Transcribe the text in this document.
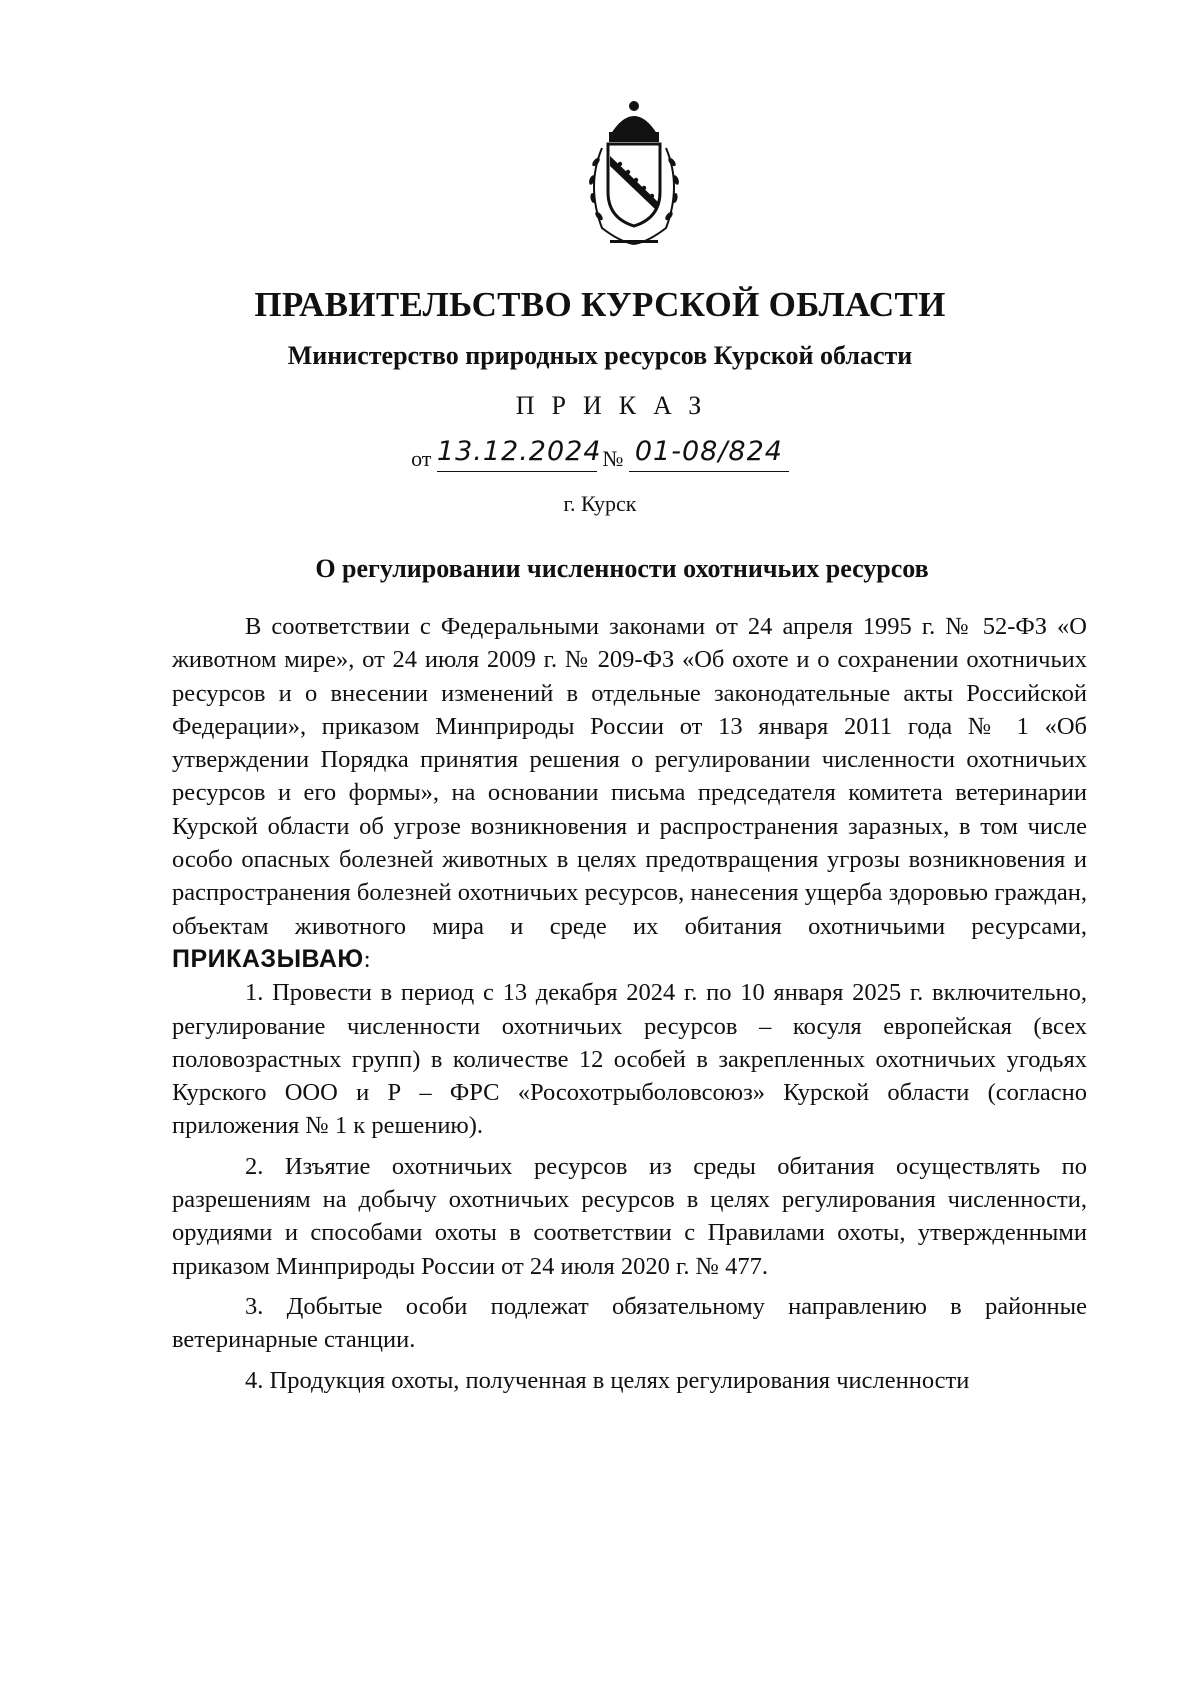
ПРАВИТЕЛЬСТВО КУРСКОЙ ОБЛАСТИ
Министерство природных ресурсов Курской области
ПРИКАЗ
от 13.12.2024 № 01-08/824
г. Курск
О регулировании численности охотничьих ресурсов

В соответствии с Федеральными законами от 24 апреля 1995 г. № 52-ФЗ «О животном мире», от 24 июля 2009 г. № 209-ФЗ «Об охоте и о сохранении охотничьих ресурсов и о внесении изменений в отдельные законодательные акты Российской Федерации», приказом Минприроды России от 13 января 2011 года № 1 «Об утверждении Порядка принятия решения о регулировании численности охотничьих ресурсов и его формы», на основании письма председателя комитета ветеринарии Курской области об угрозе возникновения и распространения заразных, в том числе особо опасных болезней животных в целях предотвращения угрозы возникновения и распространения болезней охотничьих ресурсов, нанесения ущерба здоровью граждан, объектам животного мира и среде их обитания охотничьими ресурсами, ПРИКАЗЫВАЮ:

1. Провести в период с 13 декабря 2024 г. по 10 января 2025 г. включительно, регулирование численности охотничьих ресурсов – косуля европейская (всех половозрастных групп) в количестве 12 особей в закрепленных охотничьих угодьях Курского ООО и Р – ФРС «Росохотрыболовсоюз» Курской области (согласно приложения № 1 к решению).

2. Изъятие охотничьих ресурсов из среды обитания осуществлять по разрешениям на добычу охотничьих ресурсов в целях регулирования численности, орудиями и способами охоты в соответствии с Правилами охоты, утвержденными приказом Минприроды России от 24 июля 2020 г. № 477.

3. Добытые особи подлежат обязательному направлению в районные ветеринарные станции.

4. Продукция охоты, полученная в целях регулирования численности
